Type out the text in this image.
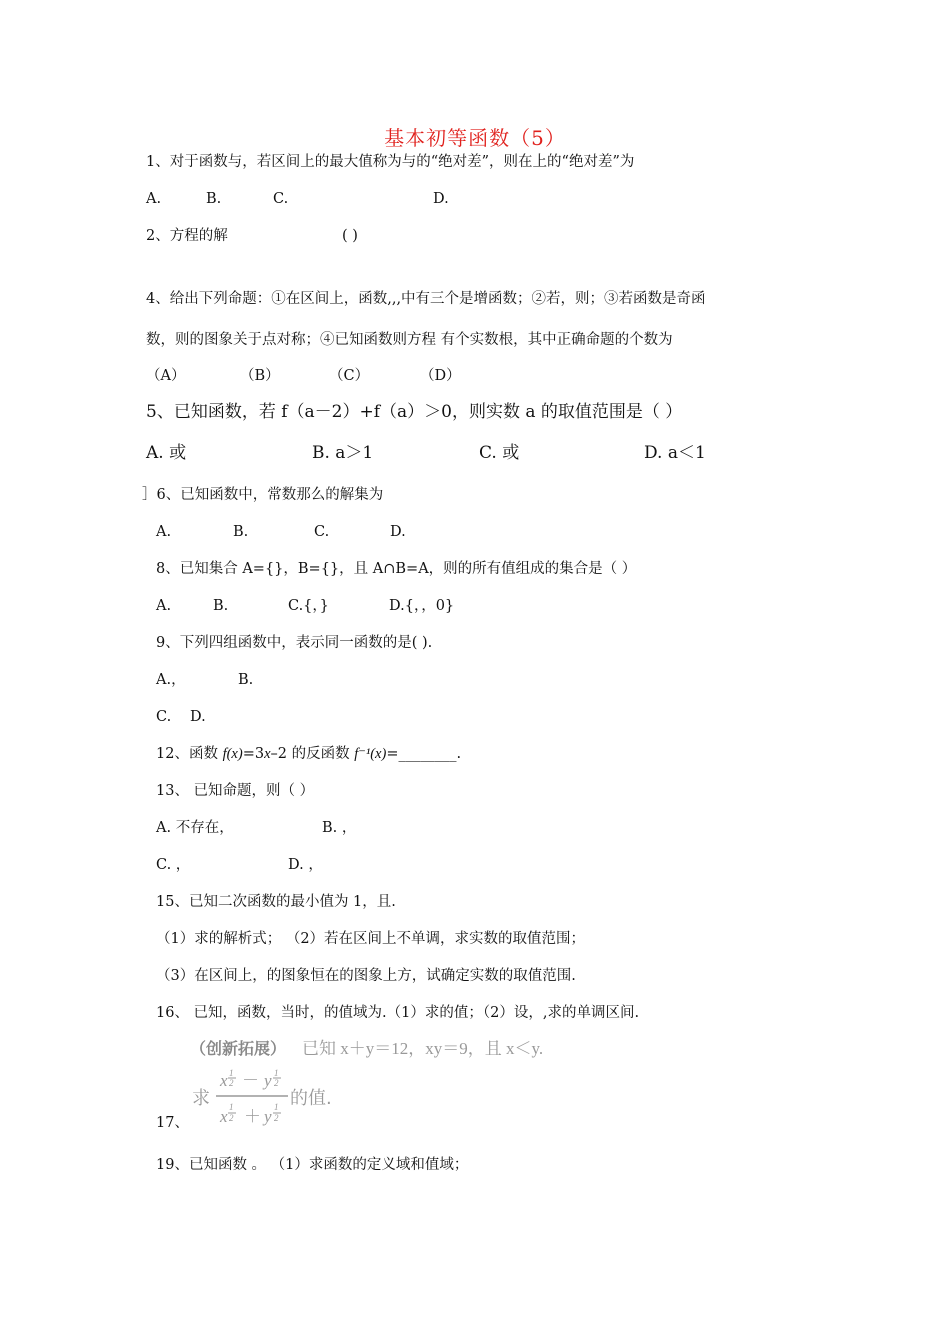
基本初等函数（5）
1、对于函数与，若区间上的最大值称为与的“绝对差”，则在上的“绝对差”为
A.	B.	C.	D.
2、方程的解	( )
4、给出下列命题：①在区间上，函数,,,中有三个是增函数；②若，则；③若函数是奇函
数，则的图象关于点对称；④已知函数则方程 有个实数根，其中正确命题的个数为
（A）	（B）	（C）	（D）
5、已知函数，若 f（a－2）+f（a）＞0，则实数 a 的取值范围是（ ）
A. 或	B. a＞1	C. 或	D. a＜1
］6、已知函数中，常数那么的解集为
A.	B.	C.	D.
8、已知集合 A={}，B={}，且 A∩B=A，则的所有值组成的集合是（ ）
A.	B.	C.{，}	D.{，，0}
9、下列四组函数中，表示同一函数的是( ).
A.，	B.
C. D.
12、函数 f(x)=3x–2 的反函数 f⁻¹(x)=________.
13、 已知命题，则（ ）
A. 不存在，	B. ，
C. ，	D. ，
15、已知二次函数的最小值为 1，且.
（1）求的解析式； （2）若在区间上不单调，求实数的取值范围；
（3）在区间上，的图象恒在的图象上方，试确定实数的取值范围.
16、 已知，函数，当时，的值域为.（1）求的值；（2）设，,求的单调区间.
（创新拓展） 已知 x＋y＝12，xy＝9，且 x＜y.
求
x 1
2 － y 1
2
x 1
2 ＋ y 1
2
的值.
17、
19、已知函数 。 （1）求函数的定义域和值域；
